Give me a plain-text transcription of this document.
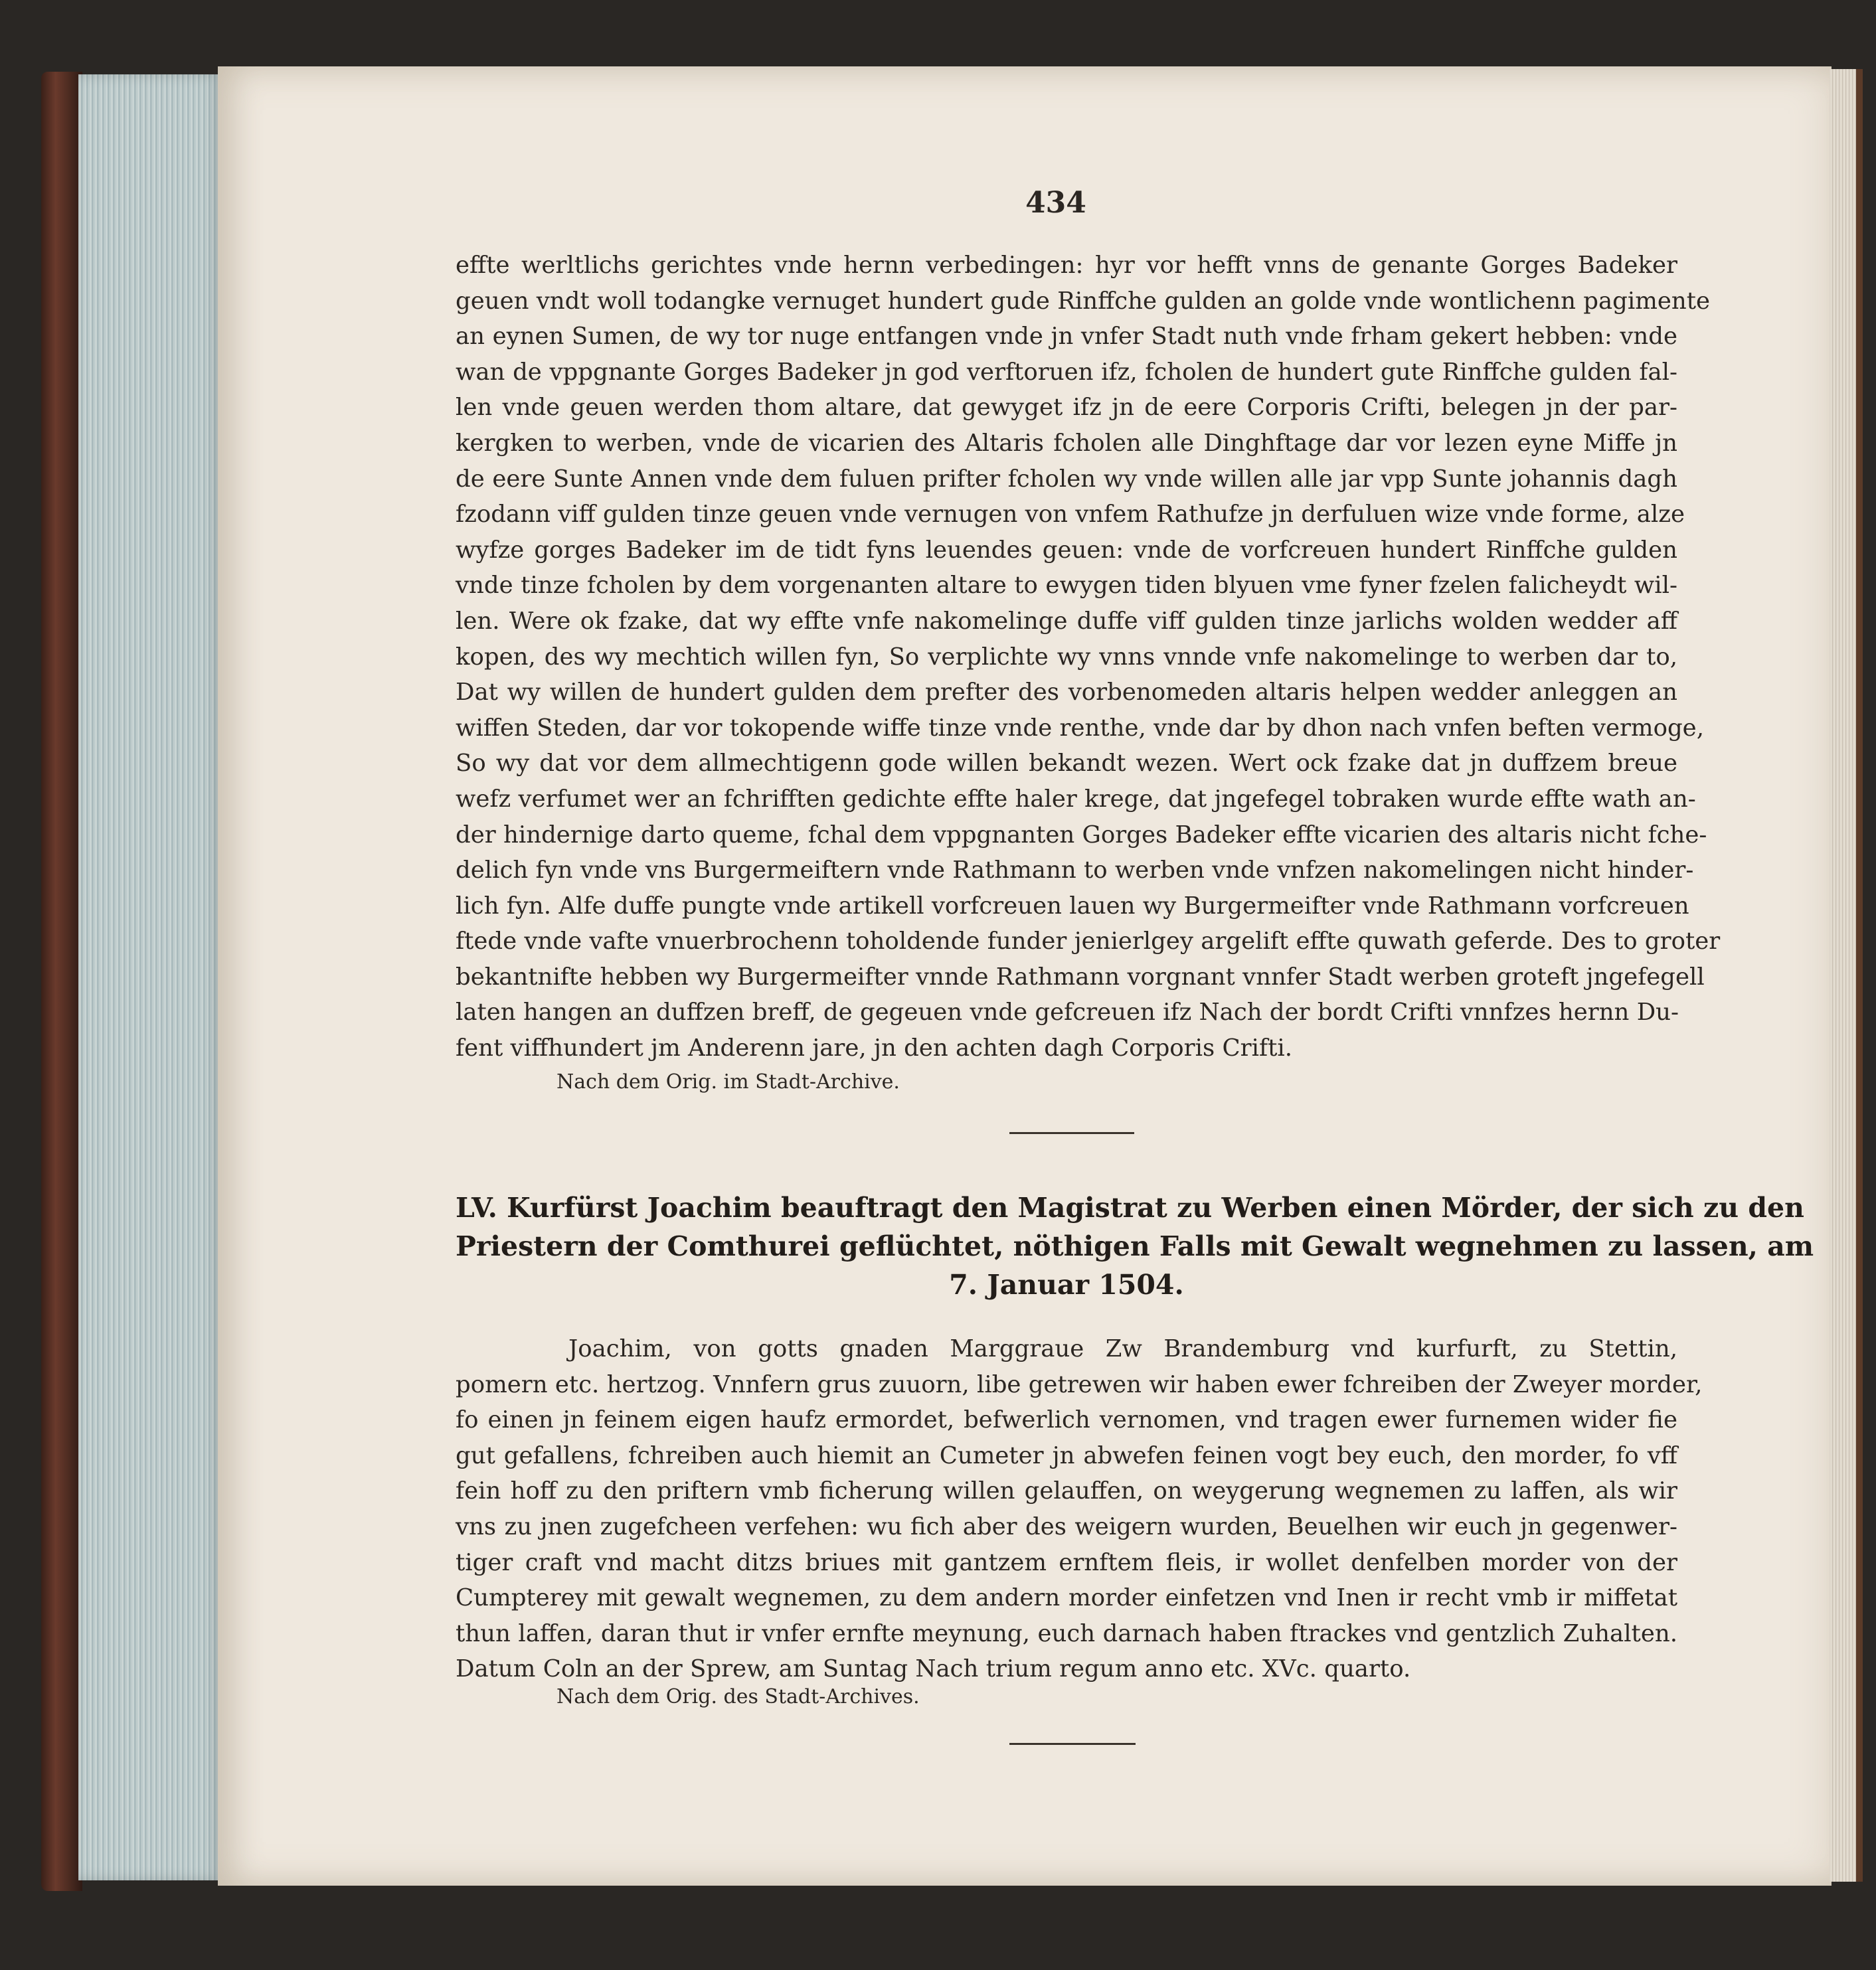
434
effte werltlichs gerichtes vnde hernn verbedingen: hyr vor hefft vnns de genante Gorges Badeker
geuen vndt woll todangke vernuget hundert gude Rinffche gulden an golde vnde wontlichenn pagimente
an eynen Sumen, de wy tor nuge entfangen vnde jn vnfer Stadt nuth vnde frham gekert hebben: vnde
wan de vppgnante Gorges Badeker jn god verftoruen ifz, fcholen de hundert gute Rinffche gulden fal-
len vnde geuen werden thom altare, dat gewyget ifz jn de eere Corporis Crifti, belegen jn der par-
kergken to werben, vnde de vicarien des Altaris fcholen alle Dinghftage dar vor lezen eyne Miffe jn
de eere Sunte Annen vnde dem fuluen prifter fcholen wy vnde willen alle jar vpp Sunte johannis dagh
fzodann viff gulden tinze geuen vnde vernugen von vnfem Rathufze jn derfuluen wize vnde forme, alze
wyfze gorges Badeker im de tidt fyns leuendes geuen: vnde de vorfcreuen hundert Rinffche gulden
vnde tinze fcholen by dem vorgenanten altare to ewygen tiden blyuen vme fyner fzelen falicheydt wil-
len. Were ok fzake, dat wy effte vnfe nakomelinge duffe viff gulden tinze jarlichs wolden wedder aff
kopen, des wy mechtich willen fyn, So verplichte wy vnns vnnde vnfe nakomelinge to werben dar to,
Dat wy willen de hundert gulden dem prefter des vorbenomeden altaris helpen wedder anleggen an
wiffen Steden, dar vor tokopende wiffe tinze vnde renthe, vnde dar by dhon nach vnfen beften vermoge,
So wy dat vor dem allmechtigenn gode willen bekandt wezen. Wert ock fzake dat jn duffzem breue
wefz verfumet wer an fchrifften gedichte effte haler krege, dat jngefegel tobraken wurde effte wath an-
der hindernige darto queme, fchal dem vppgnanten Gorges Badeker effte vicarien des altaris nicht fche-
delich fyn vnde vns Burgermeiftern vnde Rathmann to werben vnde vnfzen nakomelingen nicht hinder-
lich fyn. Alfe duffe pungte vnde artikell vorfcreuen lauen wy Burgermeifter vnde Rathmann vorfcreuen
ftede vnde vafte vnuerbrochenn toholdende funder jenierlgey argelift effte quwath geferde. Des to groter
bekantnifte hebben wy Burgermeifter vnnde Rathmann vorgnant vnnfer Stadt werben groteft jngefegell
laten hangen an duffzen breff, de gegeuen vnde gefcreuen ifz Nach der bordt Crifti vnnfzes hernn Du-
fent viffhundert jm Anderenn jare, jn den achten dagh Corporis Crifti.
Nach dem Orig. im Stadt-Archive.
LV. Kurfürst Joachim beauftragt den Magistrat zu Werben einen Mörder, der sich zu den
Priestern der Comthurei geflüchtet, nöthigen Falls mit Gewalt wegnehmen zu lassen, am
7. Januar 1504.
Joachim, von gotts gnaden Marggraue Zw Brandemburg vnd kurfurft, zu Stettin,
pomern etc. hertzog. Vnnfern grus zuuorn, libe getrewen wir haben ewer fchreiben der Zweyer morder,
fo einen jn feinem eigen haufz ermordet, befwerlich vernomen, vnd tragen ewer furnemen wider fie
gut gefallens, fchreiben auch hiemit an Cumeter jn abwefen feinen vogt bey euch, den morder, fo vff
fein hoff zu den priftern vmb ficherung willen gelauffen, on weygerung wegnemen zu laffen, als wir
vns zu jnen zugefcheen verfehen: wu fich aber des weigern wurden, Beuelhen wir euch jn gegenwer-
tiger craft vnd macht ditzs briues mit gantzem ernftem fleis, ir wollet denfelben morder von der
Cumpterey mit gewalt wegnemen, zu dem andern morder einfetzen vnd Inen ir recht vmb ir miffetat
thun laffen, daran thut ir vnfer ernfte meynung, euch darnach haben ftrackes vnd gentzlich Zuhalten.
Datum Coln an der Sprew, am Suntag Nach trium regum anno etc. XVc. quarto.
Nach dem Orig. des Stadt-Archives.
